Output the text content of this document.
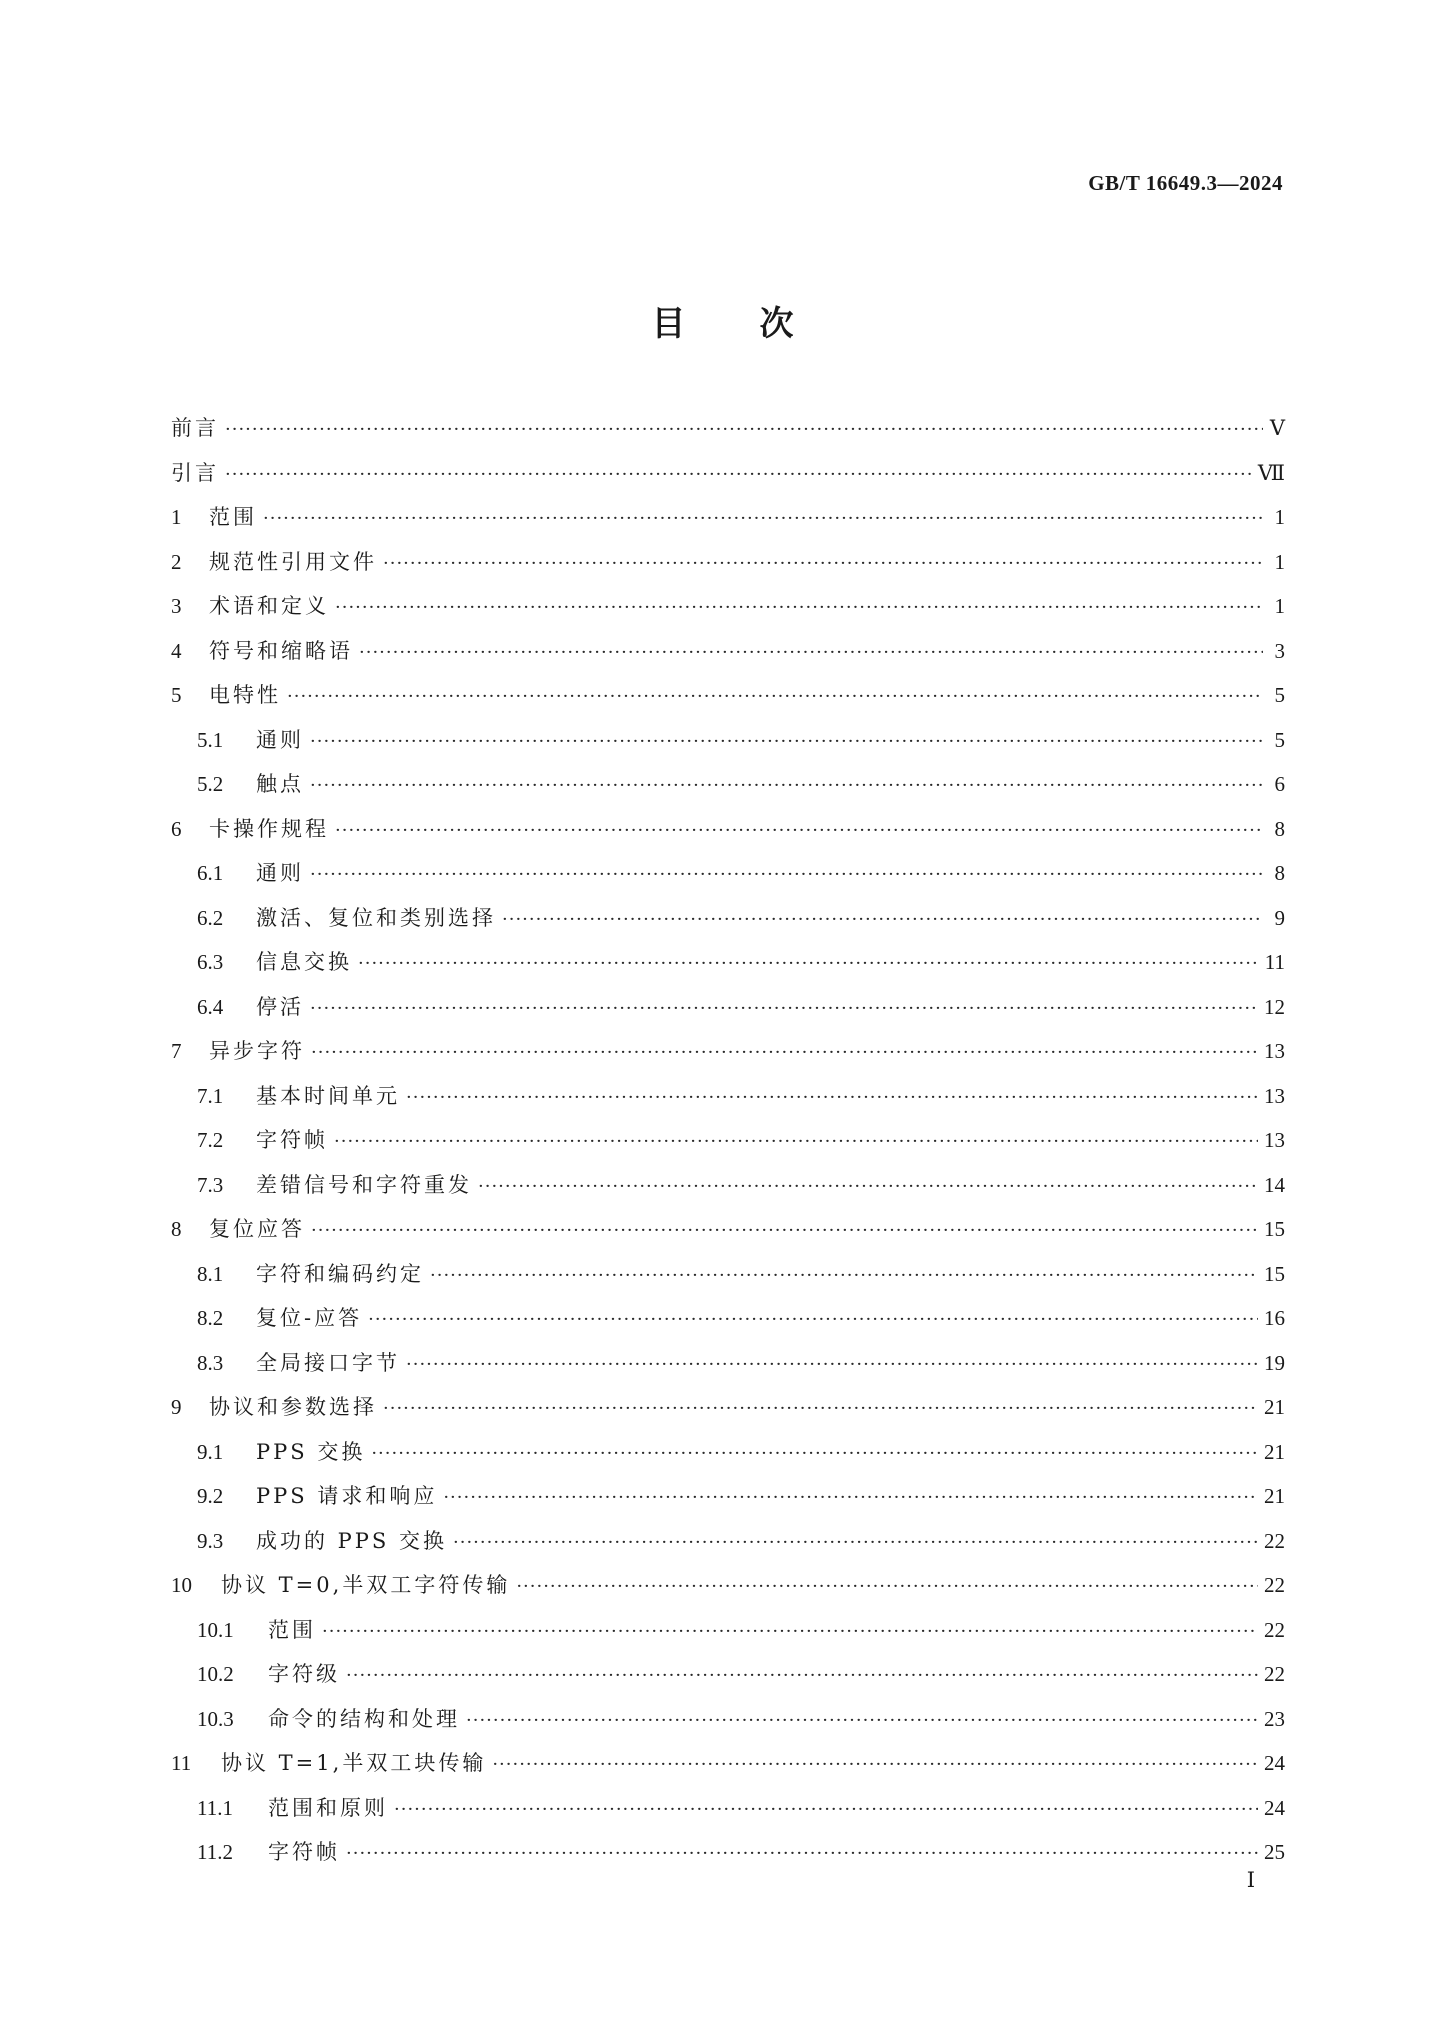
GB/T 16649.3—2024
目次
前言 ·····	Ⅴ
引言 ·····	Ⅶ
1	范围 ·····	1
2	规范性引用文件 ·····	1
3	术语和定义 ·····	1
4	符号和缩略语 ·····	3
5	电特性 ·····	5
5.1	通则 ·····	5
5.2	触点 ·····	6
6	卡操作规程 ·····	8
6.1	通则 ·····	8
6.2	激活、复位和类别选择 ·····	9
6.3	信息交换 ·····	11
6.4	停活 ·····	12
7	异步字符 ·····	13
7.1	基本时间单元 ·····	13
7.2	字符帧 ·····	13
7.3	差错信号和字符重发 ·····	14
8	复位应答 ·····	15
8.1	字符和编码约定 ·····	15
8.2	复位-应答 ·····	16
8.3	全局接口字节 ·····	19
9	协议和参数选择 ·····	21
9.1	PPS 交换 ·····	21
9.2	PPS 请求和响应 ·····	21
9.3	成功的 PPS 交换 ·····	22
10	协议 T=0,半双工字符传输 ·····	22
10.1	范围 ·····	22
10.2	字符级 ·····	22
10.3	命令的结构和处理 ·····	23
11	协议 T=1,半双工块传输 ·····	24
11.1	范围和原则 ·····	24
11.2	字符帧 ·····	25
Ⅰ
